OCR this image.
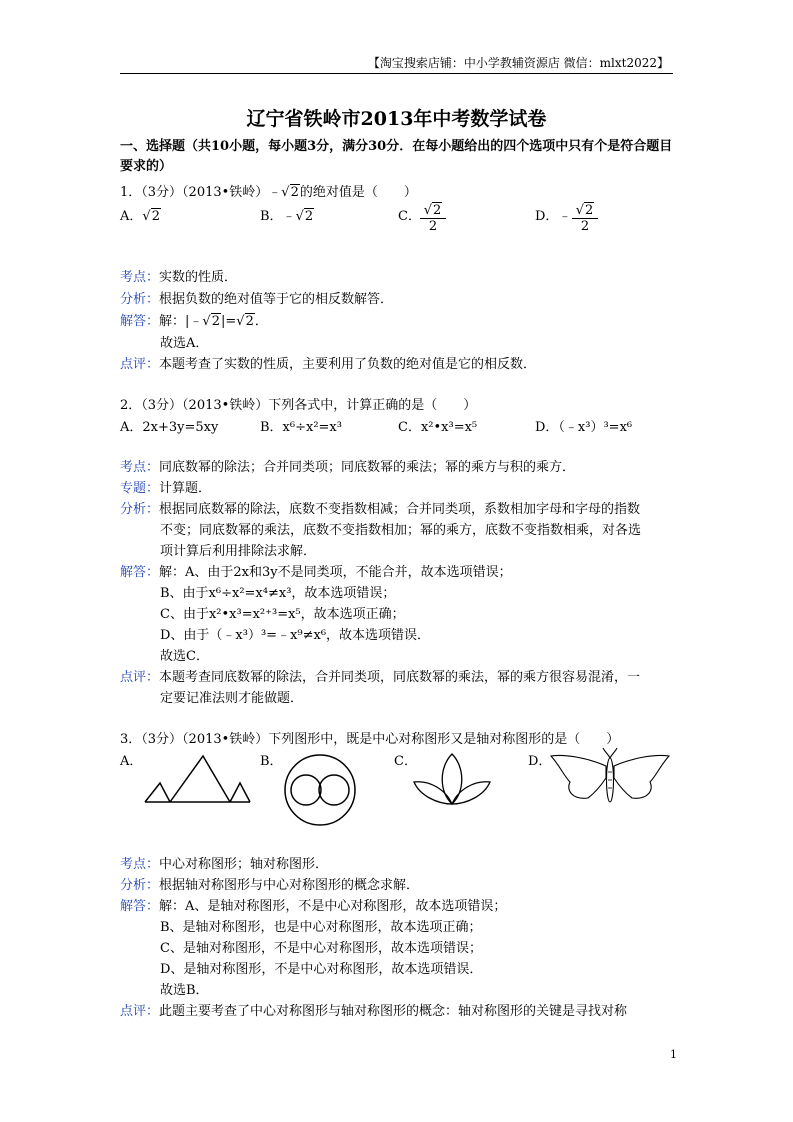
【淘宝搜索店铺：中小学教辅资源店 微信：mlxt2022】
辽宁省铁岭市2013年中考数学试卷
一、选择题（共10小题，每小题3分，满分30分．在每小题给出的四个选项中只有个是符合题目要求的）
1．（3分）（2013•铁岭）﹣√2的绝对值是（　　）
A．√2	B．﹣√2	C． $\frac{√2}{2}$	D．﹣ $\frac{√2}{2}$
考点：实数的性质．
分析：根据负数的绝对值等于它的相反数解答．
解答：解：|﹣√2|=√2．
故选A．
点评：本题考查了实数的性质，主要利用了负数的绝对值是它的相反数．
2．（3分）（2013•铁岭）下列各式中，计算正确的是（　　）
A．2x+3y=5xy	B．x⁶÷x²=x³	C．x²•x³=x⁵	D．（﹣x³）³=x⁶
考点：同底数幂的除法；合并同类项；同底数幂的乘法；幂的乘方与积的乘方．
专题：计算题．
分析：根据同底数幂的除法，底数不变指数相减；合并同类项，系数相加字母和字母的指数
不变；同底数幂的乘法，底数不变指数相加；幂的乘方，底数不变指数相乘，对各选
项计算后利用排除法求解．
解答：解：A、由于2x和3y不是同类项，不能合并，故本选项错误；
B、由于x⁶÷x²=x⁴≠x³，故本选项错误；
C、由于x²•x³=x²⁺³=x⁵，故本选项正确；
D、由于（﹣x³）³=﹣x⁹≠x⁶，故本选项错误．
故选C．
点评：本题考查同底数幂的除法，合并同类项，同底数幂的乘法，幂的乘方很容易混淆，一
定要记准法则才能做题．
3．（3分）（2013•铁岭）下列图形中，既是中心对称图形又是轴对称图形的是（　　）
A．	B．	C．	D．
考点：中心对称图形；轴对称图形．
分析：根据轴对称图形与中心对称图形的概念求解．
解答：解：A、是轴对称图形，不是中心对称图形，故本选项错误；
B、是轴对称图形，也是中心对称图形，故本选项正确；
C、是轴对称图形，不是中心对称图形，故本选项错误；
D、是轴对称图形，不是中心对称图形，故本选项错误．
故选B．
点评：此题主要考查了中心对称图形与轴对称图形的概念：轴对称图形的关键是寻找对称
1
